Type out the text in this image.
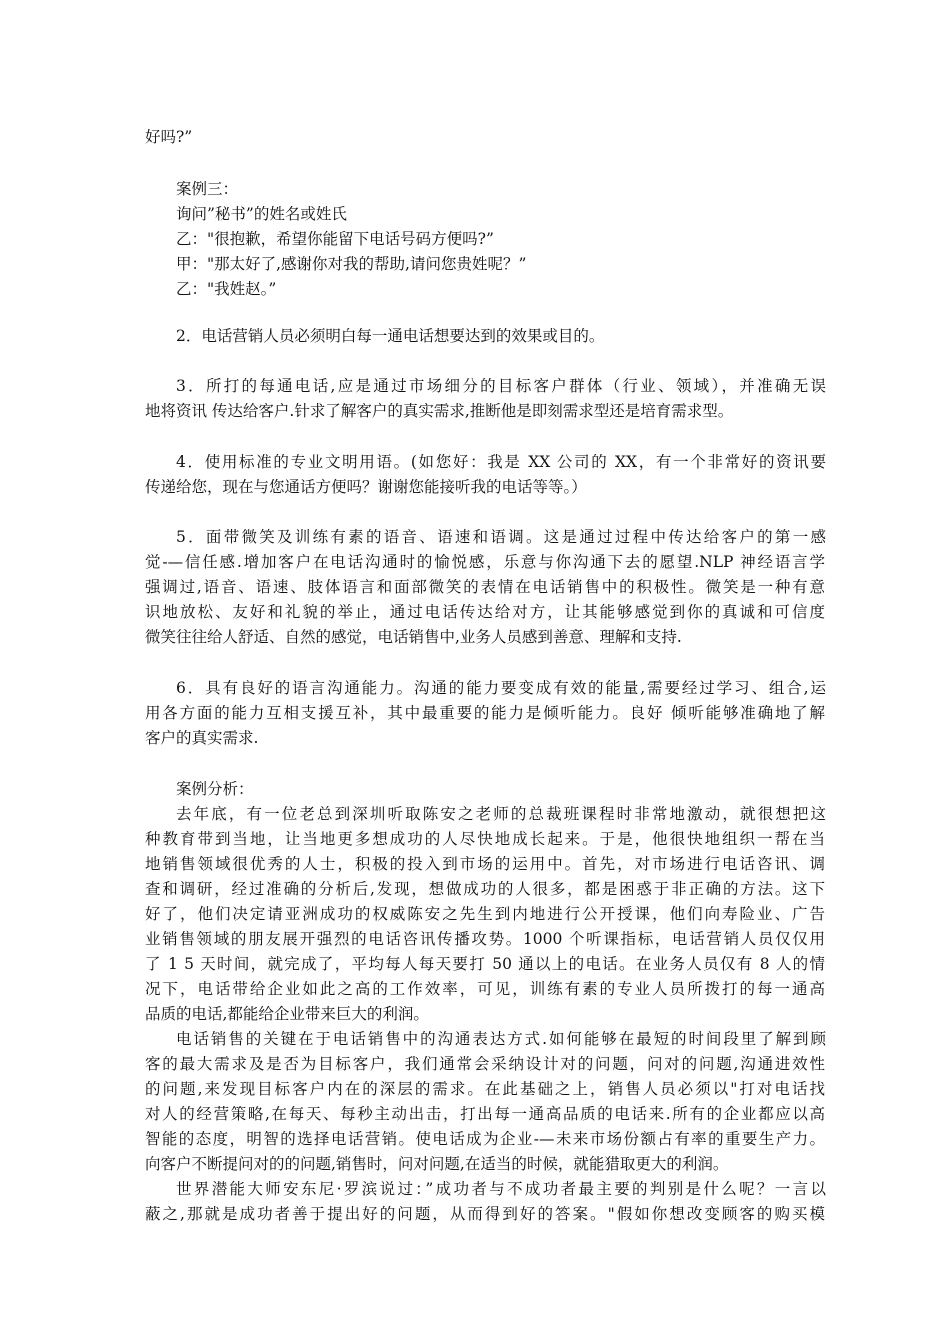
好吗?”
案例三：
询问”秘书”的姓名或姓氏
乙："很抱歉，希望你能留下电话号码方便吗?”
甲："那太好了,感谢你对我的帮助,请问您贵姓呢？”
乙："我姓赵。”
2．电话营销人员必须明白每一通电话想要达到的效果或目的。
3．所打的每通电话,应是通过市场细分的目标客户群体（行业、领域），并准确无误
地将资讯 传达给客户.针求了解客户的真实需求,推断他是即刻需求型还是培育需求型。
4．使用标准的专业文明用语。(如您好：我是 XX 公司的 XX，有一个非常好的资讯要
传递给您，现在与您通话方便吗？谢谢您能接听我的电话等等。）
5．面带微笑及训练有素的语音、语速和语调。这是通过过程中传达给客户的第一感
觉-—信任感.增加客户在电话沟通时的愉悦感，乐意与你沟通下去的愿望.NLP 神经语言学
强调过,语音、语速、肢体语言和面部微笑的表情在电话销售中的积极性。微笑是一种有意
识地放松、友好和礼貌的举止，通过电话传达给对方，让其能够感觉到你的真诚和可信度
微笑往往给人舒适、自然的感觉，电话销售中,业务人员感到善意、理解和支持.
6．具有良好的语言沟通能力。沟通的能力要变成有效的能量,需要经过学习、组合,运
用各方面的能力互相支援互补，其中最重要的能力是倾听能力。良好 倾听能够准确地了解
客户的真实需求.
案例分析：
去年底，有一位老总到深圳听取陈安之老师的总裁班课程时非常地激动，就很想把这
种教育带到当地，让当地更多想成功的人尽快地成长起来。于是，他很快地组织一帮在当
地销售领域很优秀的人士，积极的投入到市场的运用中。首先，对市场进行电话咨讯、调
查和调研，经过准确的分析后,发现，想做成功的人很多，都是困惑于非正确的方法。这下
好了，他们决定请亚洲成功的权威陈安之先生到内地进行公开授课，他们向寿险业、广告
业销售领域的朋友展开强烈的电话咨讯传播攻势。1000 个听课指标，电话营销人员仅仅用
了 1 5 天时间，就完成了，平均每人每天要打 50 通以上的电话。在业务人员仅有 8 人的情
况下，电话带给企业如此之高的工作效率，可见，训练有素的专业人员所拨打的每一通高
品质的电话,都能给企业带来巨大的利润。
电话销售的关键在于电话销售中的沟通表达方式.如何能够在最短的时间段里了解到顾
客的最大需求及是否为目标客户，我们通常会采纳设计对的问题，问对的问题,沟通进效性
的问题,来发现目标客户内在的深层的需求。在此基础之上，销售人员必须以"打对电话找
对人的经营策略,在每天、每秒主动出击，打出每一通高品质的电话来.所有的企业都应以高
智能的态度，明智的选择电话营销。使电话成为企业-—未来市场份额占有率的重要生产力。
向客户不断提问对的的问题,销售时，问对问题,在适当的时候，就能猎取更大的利润。
世界潜能大师安东尼·罗滨说过：”成功者与不成功者最主要的判别是什么呢？一言以
蔽之,那就是成功者善于提出好的问题，从而得到好的答案。"假如你想改变顾客的购买模
